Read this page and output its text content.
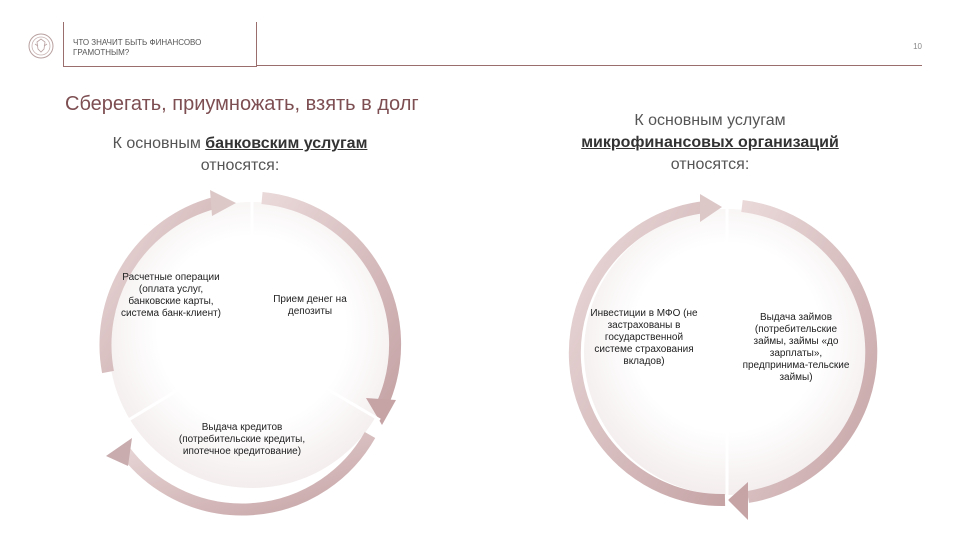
ЧТО ЗНАЧИТ БЫТЬ ФИНАНСОВО ГРАМОТНЫМ?
10
Сберегать, приумножать, взять в долг
К основным банковским услугам
относятся:
К основным услугам
микрофинансовых организаций
относятся:
Расчетные операции (оплата услуг, банковские карты, система банк-клиент)
Прием денег на депозиты
Выдача кредитов (потребительские кредиты, ипотечное кредитование)
Инвестиции в МФО (не застрахованы в государственной системе страхования вкладов)
Выдача займов (потребительские займы, займы «до зарплаты», предпринима-тельские займы)
